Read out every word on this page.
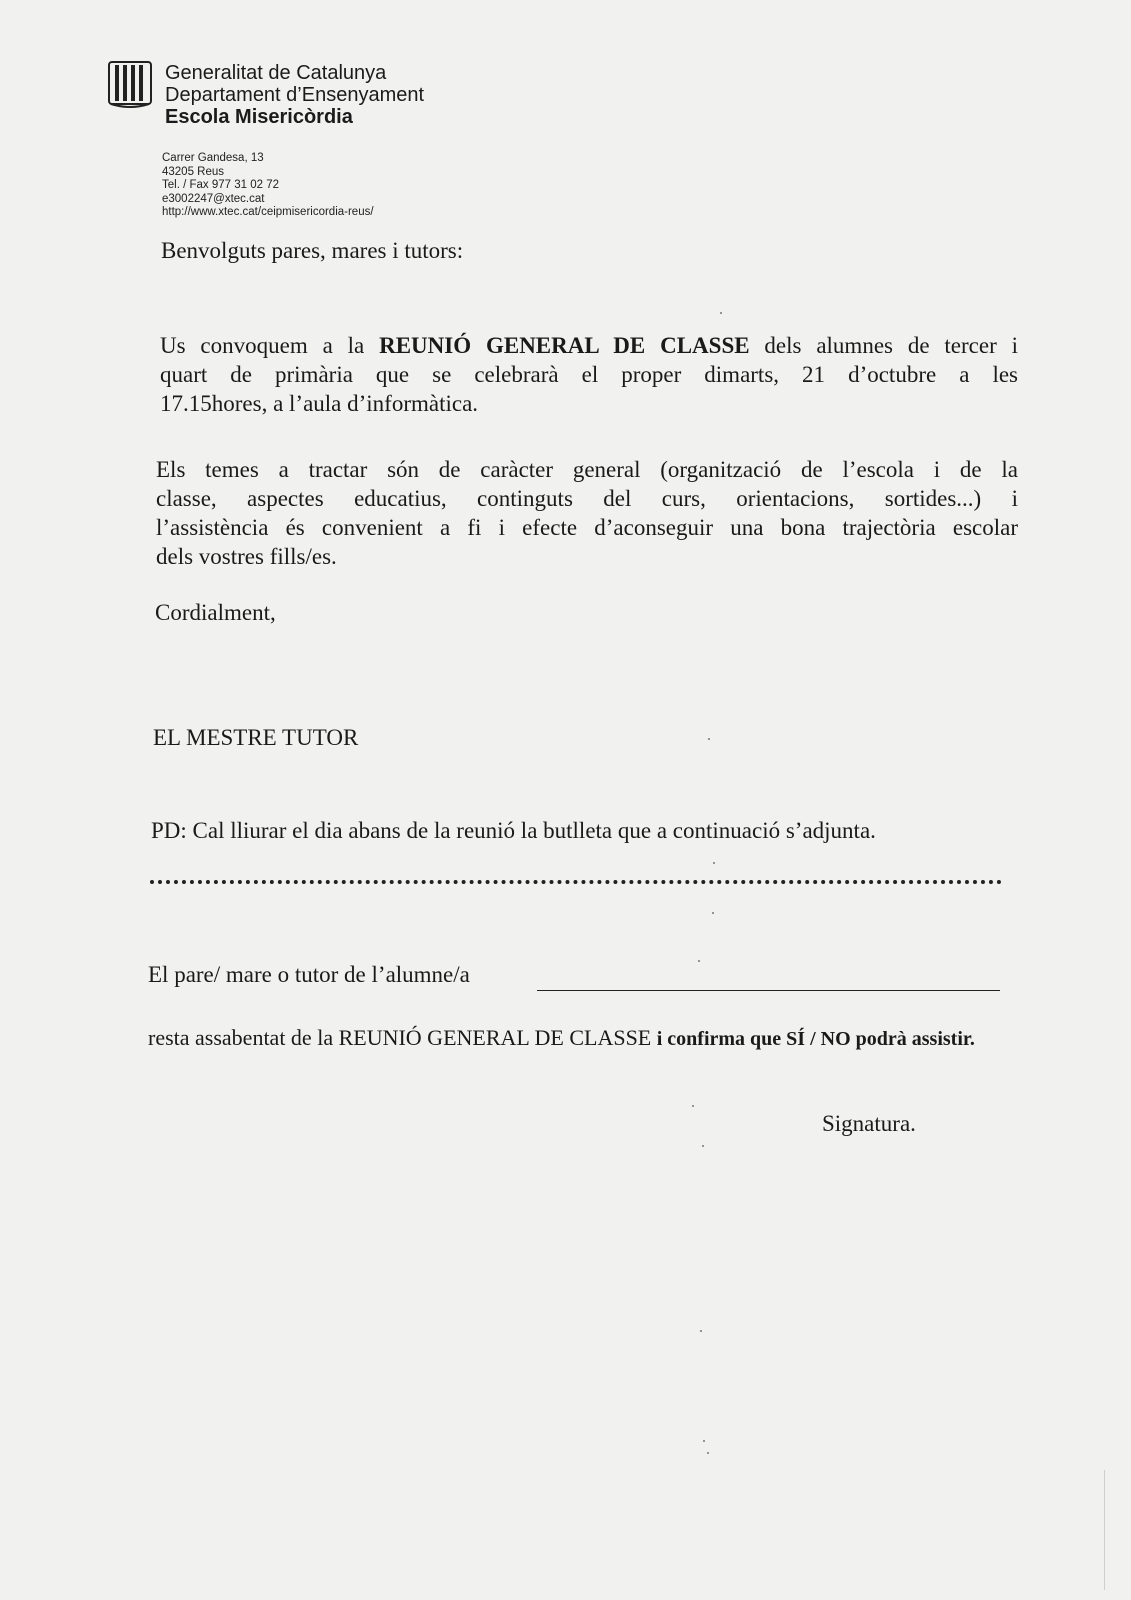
Generalitat de Catalunya
Departament d’Ensenyament
Escola Misericòrdia
Carrer Gandesa, 13
43205 Reus
Tel. / Fax 977 31 02 72
e3002247@xtec.cat
http://www.xtec.cat/ceipmisericordia-reus/
Benvolguts pares, mares i tutors:
Us convoquem a la REUNIÓ GENERAL DE CLASSE dels alumnes de tercer i
quart de primària que se celebrarà el proper dimarts, 21 d’octubre a les
17.15hores, a l’aula d’informàtica.
Els temes a tractar són de caràcter general (organització de l’escola i de la
classe, aspectes educatius, continguts del curs, orientacions, sortides...) i
l’assistència és convenient a fi i efecte d’aconseguir una bona trajectòria escolar
dels vostres fills/es.
Cordialment,
EL MESTRE TUTOR
PD: Cal lliurar el dia abans de la reunió la butlleta que a continuació s’adjunta.
El pare/ mare o tutor de l’alumne/a
resta assabentat de la REUNIÓ GENERAL DE CLASSE i confirma que SÍ / NO podrà assistir.
Signatura.
